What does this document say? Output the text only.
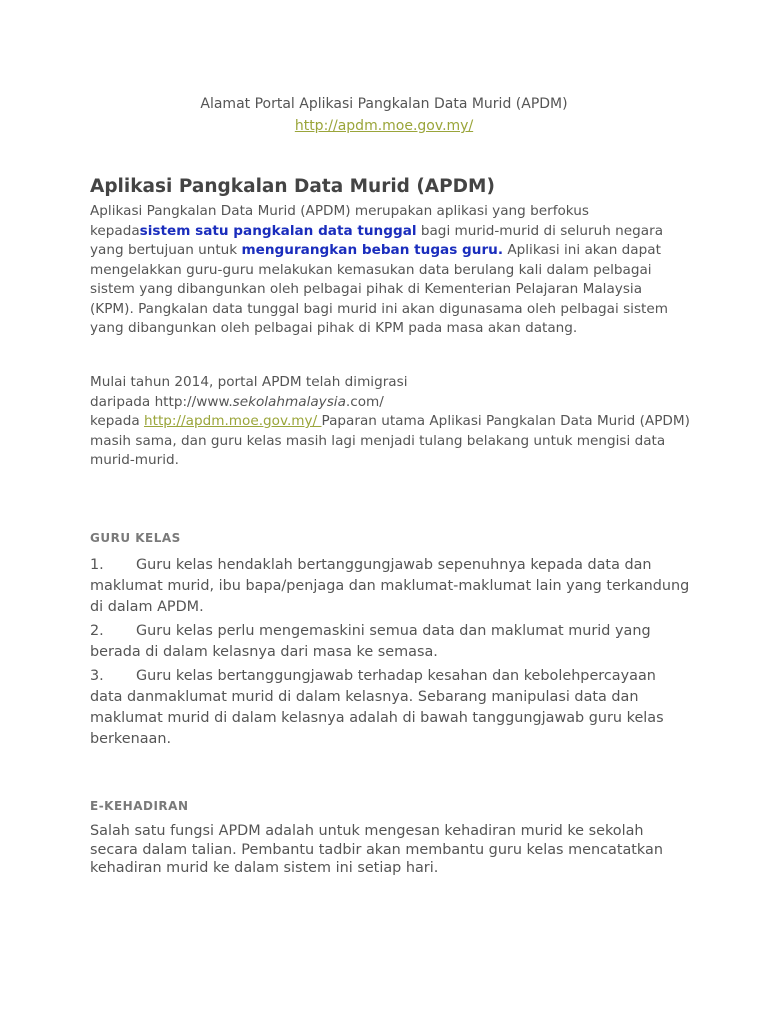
Alamat Portal Aplikasi Pangkalan Data Murid (APDM)
http://apdm.moe.gov.my/
Aplikasi Pangkalan Data Murid (APDM)
Aplikasi Pangkalan Data Murid (APDM) merupakan aplikasi yang berfokus kepadasistem satu pangkalan data tunggal bagi murid-murid di seluruh negara yang bertujuan untuk mengurangkan beban tugas guru. Aplikasi ini akan dapat mengelakkan guru-guru melakukan kemasukan data berulang kali dalam pelbagai sistem yang dibangunkan oleh pelbagai pihak di Kementerian Pelajaran Malaysia (KPM). Pangkalan data tunggal bagi murid ini akan digunasama oleh pelbagai sistem yang dibangunkan oleh pelbagai pihak di KPM pada masa akan datang.
Mulai tahun 2014, portal APDM telah dimigrasi
daripada http://www.sekolahmalaysia.com/
kepada http://apdm.moe.gov.my/ Paparan utama Aplikasi Pangkalan Data Murid (APDM) masih sama, dan guru kelas masih lagi menjadi tulang belakang untuk mengisi data murid-murid.
GURU KELAS
1. Guru kelas hendaklah bertanggungjawab sepenuhnya kepada data dan maklumat murid, ibu bapa/penjaga dan maklumat-maklumat lain yang terkandung di dalam APDM.
2. Guru kelas perlu mengemaskini semua data dan maklumat murid yang berada di dalam kelasnya dari masa ke semasa.
3. Guru kelas bertanggungjawab terhadap kesahan dan kebolehpercayaan data danmaklumat murid di dalam kelasnya. Sebarang manipulasi data dan maklumat murid di dalam kelasnya adalah di bawah tanggungjawab guru kelas berkenaan.
E-KEHADIRAN
Salah satu fungsi APDM adalah untuk mengesan kehadiran murid ke sekolah secara dalam talian. Pembantu tadbir akan membantu guru kelas mencatatkan kehadiran murid ke dalam sistem ini setiap hari.
